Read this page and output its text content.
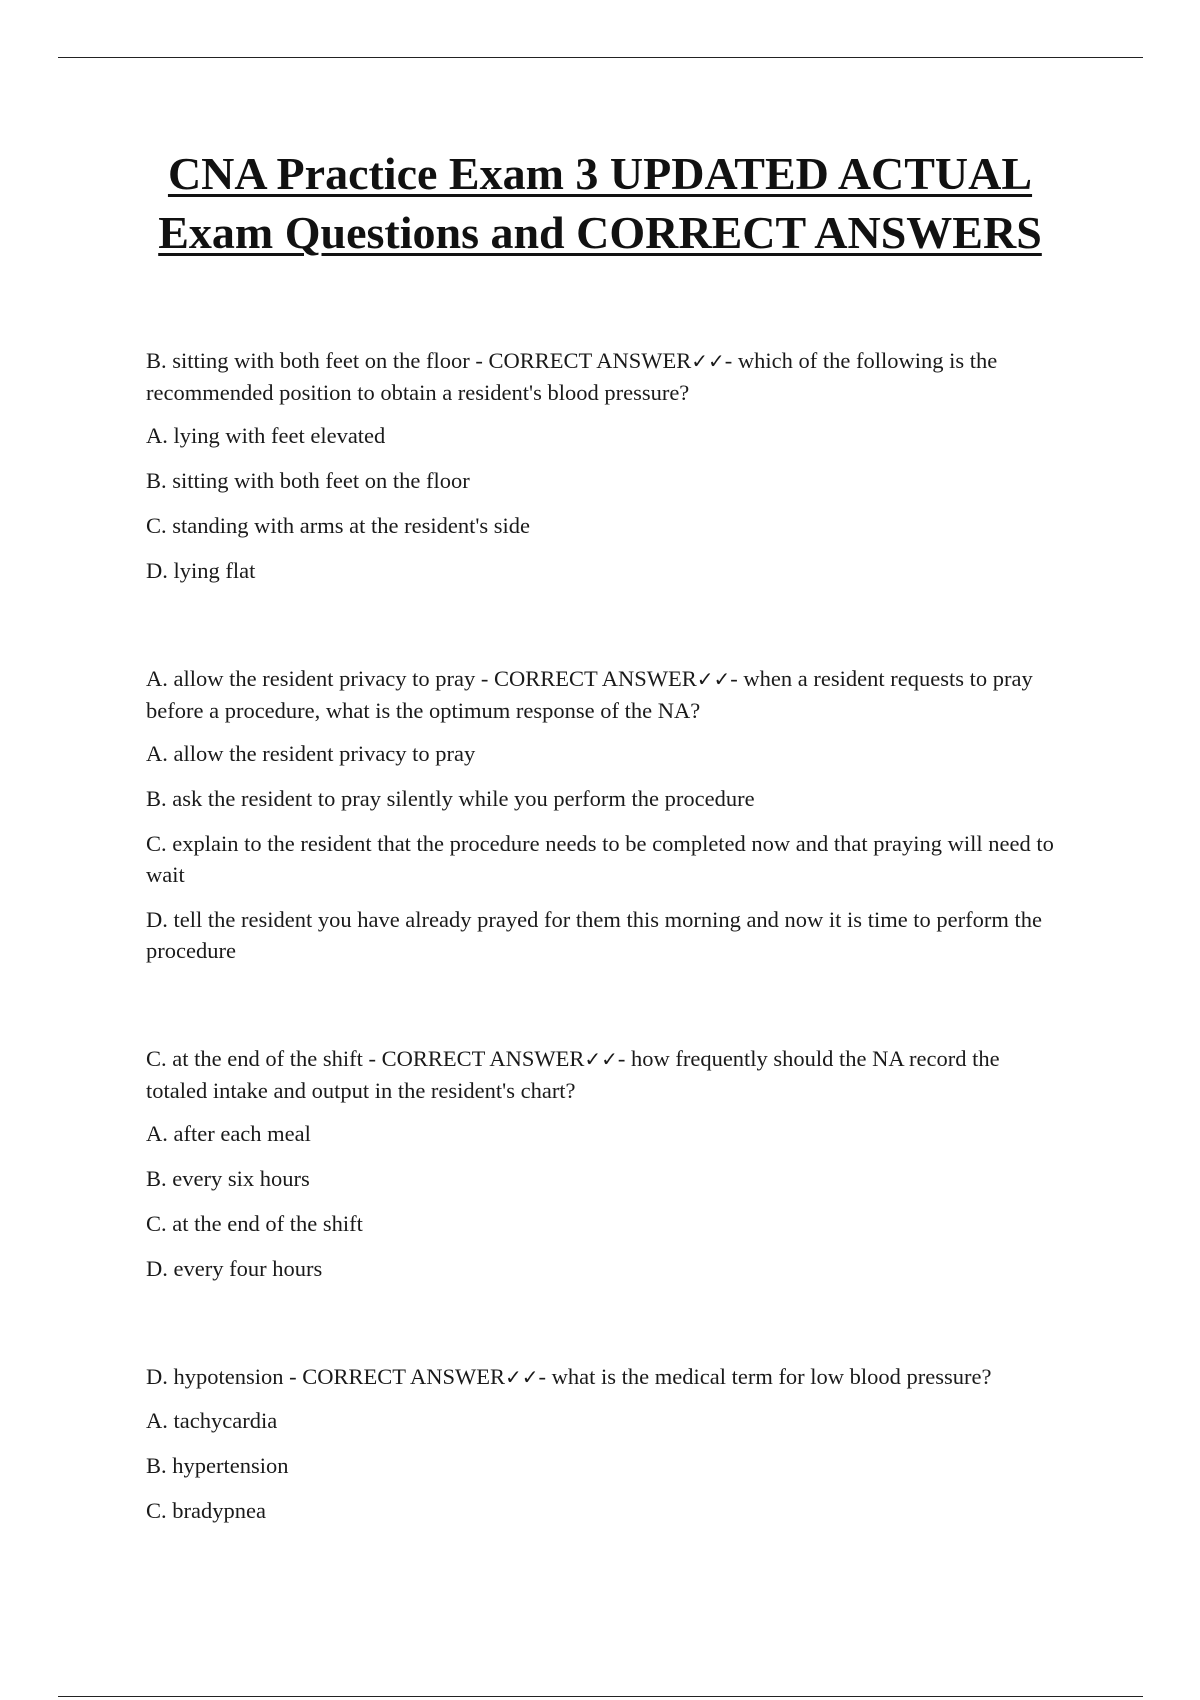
CNA Practice Exam 3 UPDATED ACTUAL Exam Questions and CORRECT ANSWERS

B. sitting with both feet on the floor - CORRECT ANSWER✓✓- which of the following is the recommended position to obtain a resident's blood pressure?

A. lying with feet elevated

B. sitting with both feet on the floor

C. standing with arms at the resident's side

D. lying flat

A. allow the resident privacy to pray - CORRECT ANSWER✓✓- when a resident requests to pray before a procedure, what is the optimum response of the NA?

A. allow the resident privacy to pray

B. ask the resident to pray silently while you perform the procedure

C. explain to the resident that the procedure needs to be completed now and that praying will need to wait

D. tell the resident you have already prayed for them this morning and now it is time to perform the procedure

C. at the end of the shift - CORRECT ANSWER✓✓- how frequently should the NA record the totaled intake and output in the resident's chart?

A. after each meal

B. every six hours

C. at the end of the shift

D. every four hours

D. hypotension - CORRECT ANSWER✓✓- what is the medical term for low blood pressure?

A. tachycardia

B. hypertension

C. bradypnea
